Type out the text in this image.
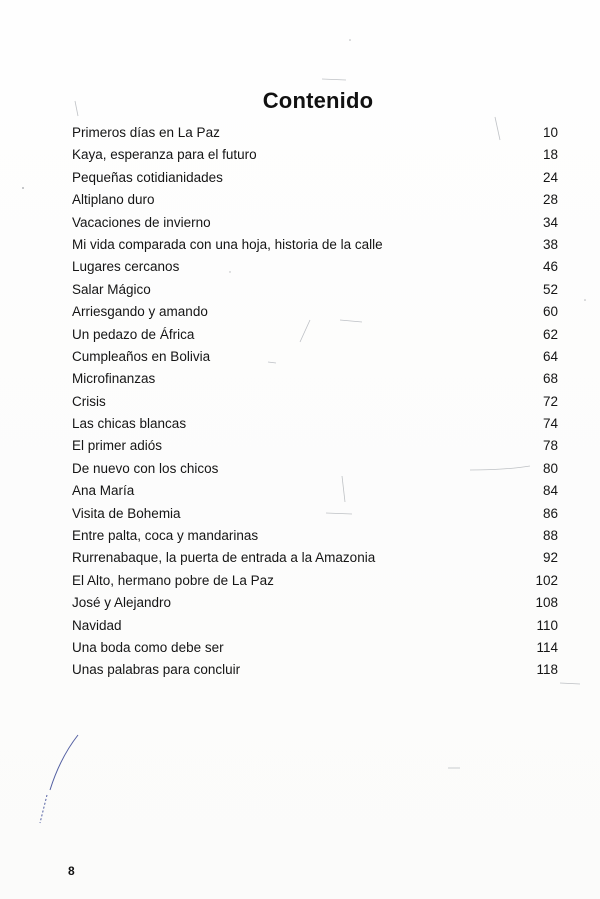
Contenido
Primeros días en La Paz	10
Kaya, esperanza para el futuro	18
Pequeñas cotidianidades	24
Altiplano duro	28
Vacaciones de invierno	34
Mi vida comparada con una hoja, historia de la calle	38
Lugares cercanos	46
Salar Mágico	52
Arriesgando y amando	60
Un pedazo de África	62
Cumpleaños en Bolivia	64
Microfinanzas	68
Crisis	72
Las chicas blancas	74
El primer adiós	78
De nuevo con los chicos	80
Ana María	84
Visita de Bohemia	86
Entre palta, coca y mandarinas	88
Rurrenabaque, la puerta de entrada a la Amazonia	92
El Alto, hermano pobre de La Paz	102
José y Alejandro	108
Navidad	110
Una boda como debe ser	114
Unas palabras para concluir	118
8
